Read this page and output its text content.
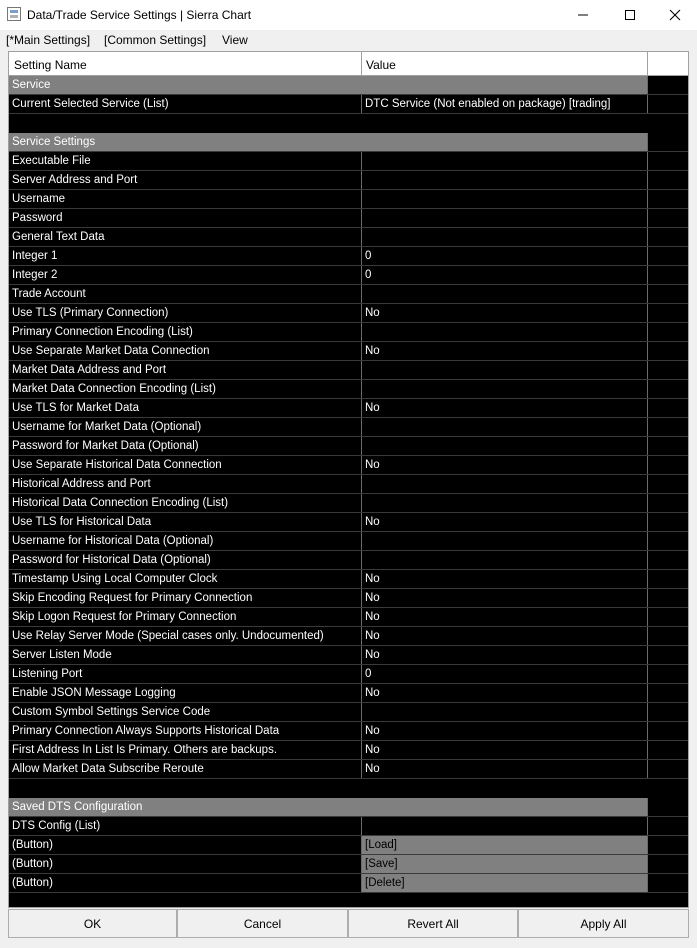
Data/Trade Service Settings | Sierra Chart
[*Main Settings] [Common Settings] View
Setting Name	Value
Service
Current Selected Service (List)	DTC Service (Not enabled on package) [trading]
Service Settings
Executable File
Server Address and Port
Username
Password
General Text Data
Integer 1	0
Integer 2	0
Trade Account
Use TLS (Primary Connection)	No
Primary Connection Encoding (List)
Use Separate Market Data Connection	No
Market Data Address and Port
Market Data Connection Encoding (List)
Use TLS for Market Data	No
Username for Market Data (Optional)
Password for Market Data (Optional)
Use Separate Historical Data Connection	No
Historical Address and Port
Historical Data Connection Encoding (List)
Use TLS for Historical Data	No
Username for Historical Data (Optional)
Password for Historical Data (Optional)
Timestamp Using Local Computer Clock	No
Skip Encoding Request for Primary Connection	No
Skip Logon Request for Primary Connection	No
Use Relay Server Mode (Special cases only. Undocumented)	No
Server Listen Mode	No
Listening Port	0
Enable JSON Message Logging	No
Custom Symbol Settings Service Code
Primary Connection Always Supports Historical Data	No
First Address In List Is Primary. Others are backups.	No
Allow Market Data Subscribe Reroute	No
Saved DTS Configuration
DTS Config (List)
(Button)	[Load]
(Button)	[Save]
(Button)	[Delete]
OK	Cancel	Revert All	Apply All
